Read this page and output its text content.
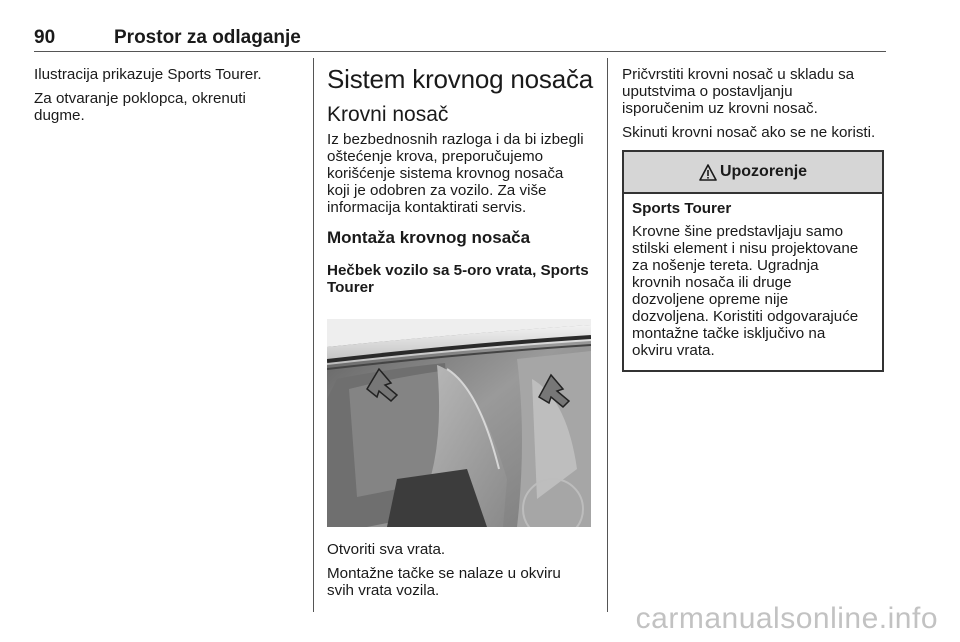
90	Prostor za odlaganje

Ilustracija prikazuje Sports Tourer.

Za otvaranje poklopca, okrenuti
dugme.

Sistem krovnog nosača
Krovni nosač

Iz bezbednosnih razloga i da bi izbegli
oštećenje krova, preporučujemo
korišćenje sistema krovnog nosača
koji je odobren za vozilo. Za više
informacija kontaktirati servis.

Montaža krovnog nosača
Hečbek vozilo sa 5-oro vrata, Sports
Tourer

Otvoriti sva vrata.

Montažne tačke se nalaze u okviru
svih vrata vozila.

Pričvrstiti krovni nosač u skladu sa
uputstvima o postavljanju
isporučenim uz krovni nosač.

Skinuti krovni nosač ako se ne koristi.

Upozorenje
Sports Tourer

Krovne šine predstavljaju samo
stilski element i nisu projektovane
za nošenje tereta. Ugradnja
krovnih nosača ili druge
dozvoljene opreme nije
dozvoljena. Koristiti odgovarajuće
montažne tačke isključivo na
okviru vrata.

carmanualsonline.info
